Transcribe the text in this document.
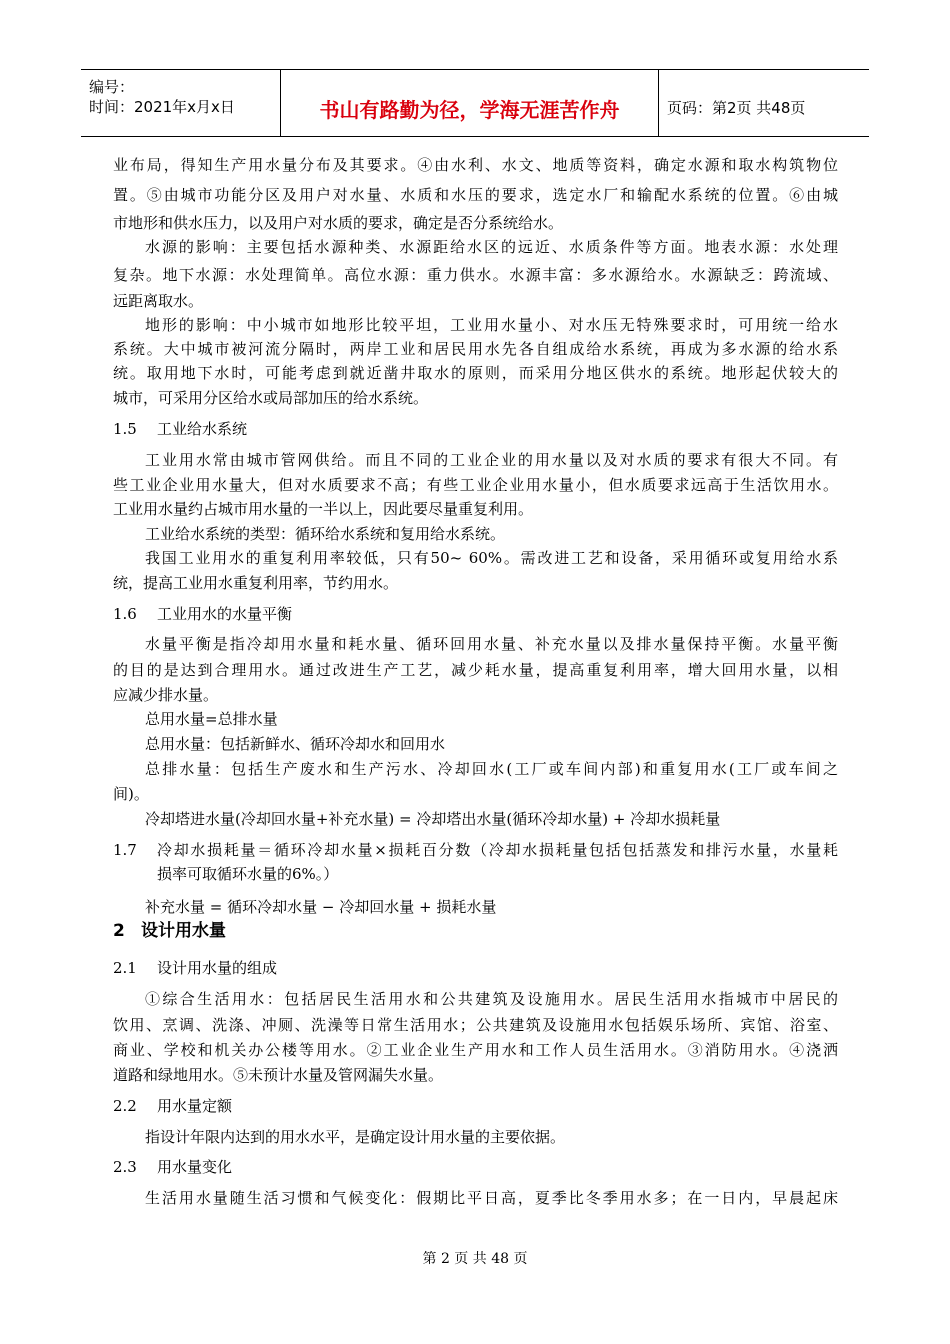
编号：
时间：2021年x月x日	书山有路勤为径，学海无涯苦作舟	页码：第2页 共48页
业布局，得知生产用水量分布及其要求。④由水利、水文、地质等资料，确定水源和取水构筑物位
置。⑤由城市功能分区及用户对水量、水质和水压的要求，选定水厂和输配水系统的位置。⑥由城
市地形和供水压力，以及用户对水质的要求，确定是否分系统给水。
水源的影响：主要包括水源种类、水源距给水区的远近、水质条件等方面。地表水源：水处理
复杂。地下水源：水处理简单。高位水源：重力供水。水源丰富：多水源给水。水源缺乏：跨流域、
远距离取水。
地形的影响：中小城市如地形比较平坦，工业用水量小、对水压无特殊要求时，可用统一给水
系统。大中城市被河流分隔时，两岸工业和居民用水先各自组成给水系统，再成为多水源的给水系
统。取用地下水时，可能考虑到就近凿井取水的原则，而采用分地区供水的系统。地形起伏较大的
城市，可采用分区给水或局部加压的给水系统。
1.5 工业给水系统
工业用水常由城市管网供给。而且不同的工业企业的用水量以及对水质的要求有很大不同。有
些工业企业用水量大，但对水质要求不高；有些工业企业用水量小，但水质要求远高于生活饮用水。
工业用水量约占城市用水量的一半以上，因此要尽量重复利用。
工业给水系统的类型：循环给水系统和复用给水系统。
我国工业用水的重复利用率较低，只有50~ 60%。需改进工艺和设备，采用循环或复用给水系
统，提高工业用水重复利用率，节约用水。
1.6 工业用水的水量平衡
水量平衡是指冷却用水量和耗水量、循环回用水量、补充水量以及排水量保持平衡。水量平衡
的目的是达到合理用水。通过改进生产工艺，减少耗水量，提高重复利用率，增大回用水量，以相
应减少排水量。
总用水量=总排水量
总用水量：包括新鲜水、循环冷却水和回用水
总排水量：包括生产废水和生产污水、冷却回水(工厂或车间内部)和重复用水(工厂或车间之
间)。
冷却塔进水量(冷却回水量+补充水量) = 冷却塔出水量(循环冷却水量) + 冷却水损耗量
1.7 冷却水损耗量＝循环冷却水量×损耗百分数（冷却水损耗量包括包括蒸发和排污水量，水量耗
损率可取循环水量的6%。）
补充水量 = 循环冷却水量 − 冷却回水量 + 损耗水量
2 设计用水量
2.1 设计用水量的组成
①综合生活用水：包括居民生活用水和公共建筑及设施用水。居民生活用水指城市中居民的
饮用、烹调、洗涤、冲厕、洗澡等日常生活用水；公共建筑及设施用水包括娱乐场所、宾馆、浴室、
商业、学校和机关办公楼等用水。②工业企业生产用水和工作人员生活用水。③消防用水。④浇洒
道路和绿地用水。⑤未预计水量及管网漏失水量。
2.2 用水量定额
指设计年限内达到的用水水平，是确定设计用水量的主要依据。
2.3 用水量变化
生活用水量随生活习惯和气候变化：假期比平日高，夏季比冬季用水多；在一日内，早晨起床
第 2 页 共 48 页
